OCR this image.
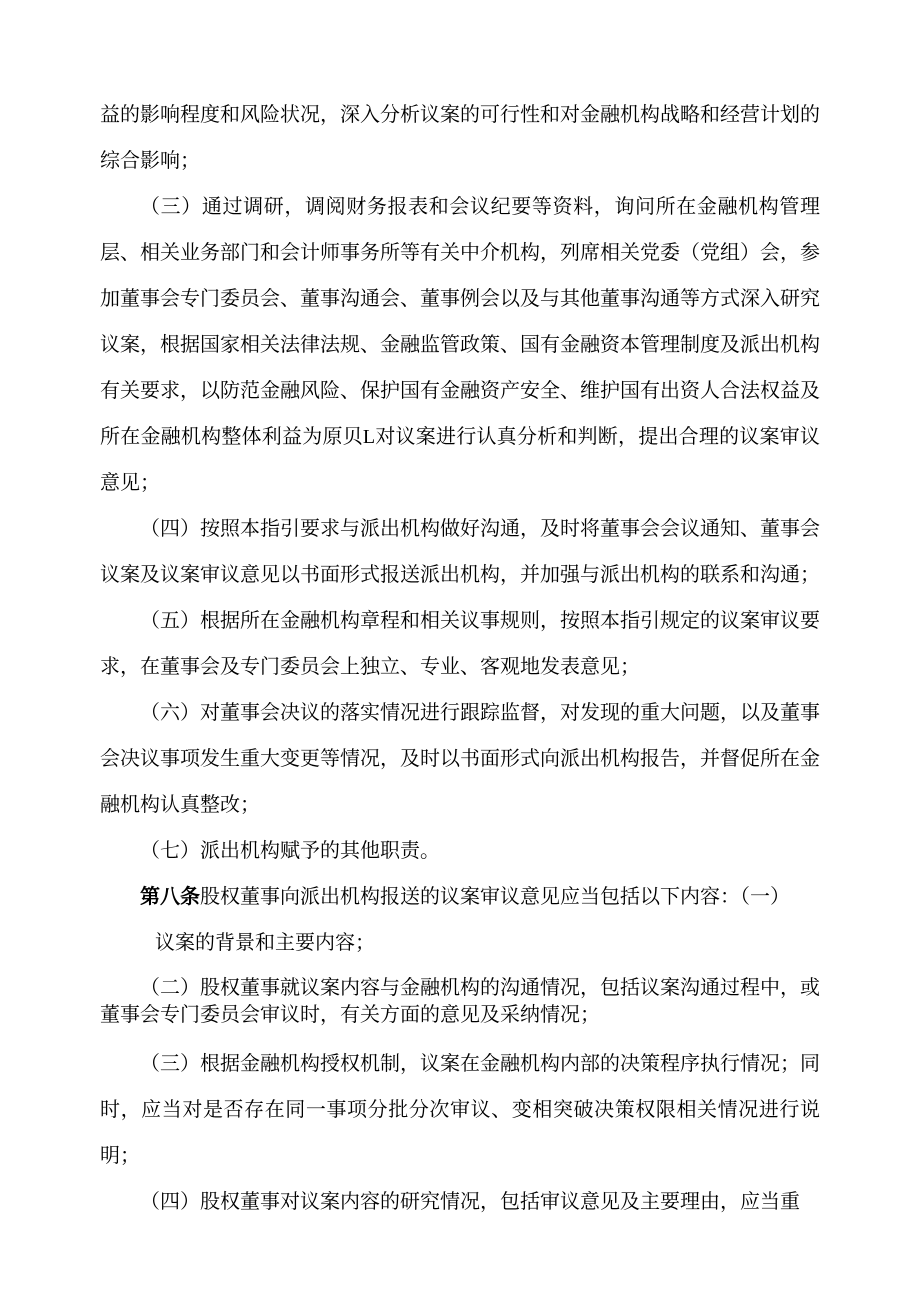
益的影响程度和风险状况，深入分析议案的可行性和对金融机构战略和经营计划的综合影响；

（三）通过调研，调阅财务报表和会议纪要等资料，询问所在金融机构管理层、相关业务部门和会计师事务所等有关中介机构，列席相关党委（党组）会，参加董事会专门委员会、董事沟通会、董事例会以及与其他董事沟通等方式深入研究议案，根据国家相关法律法规、金融监管政策、国有金融资本管理制度及派出机构有关要求，以防范金融风险、保护国有金融资产安全、维护国有出资人合法权益及所在金融机构整体利益为原贝L对议案进行认真分析和判断，提出合理的议案审议意见；

（四）按照本指引要求与派出机构做好沟通，及时将董事会会议通知、董事会议案及议案审议意见以书面形式报送派出机构，并加强与派出机构的联系和沟通；

（五）根据所在金融机构章程和相关议事规则，按照本指引规定的议案审议要求，在董事会及专门委员会上独立、专业、客观地发表意见；

（六）对董事会决议的落实情况进行跟踪监督，对发现的重大问题，以及董事会决议事项发生重大变更等情况，及时以书面形式向派出机构报告，并督促所在金融机构认真整改；

（七）派出机构赋予的其他职责。

第八条股权董事向派出机构报送的议案审议意见应当包括以下内容：（一）

议案的背景和主要内容；

（二）股权董事就议案内容与金融机构的沟通情况，包括议案沟通过程中，或董事会专门委员会审议时，有关方面的意见及采纳情况；

（三）根据金融机构授权机制，议案在金融机构内部的决策程序执行情况；同时，应当对是否存在同一事项分批分次审议、变相突破决策权限相关情况进行说明；

（四）股权董事对议案内容的研究情况，包括审议意见及主要理由，应当重
